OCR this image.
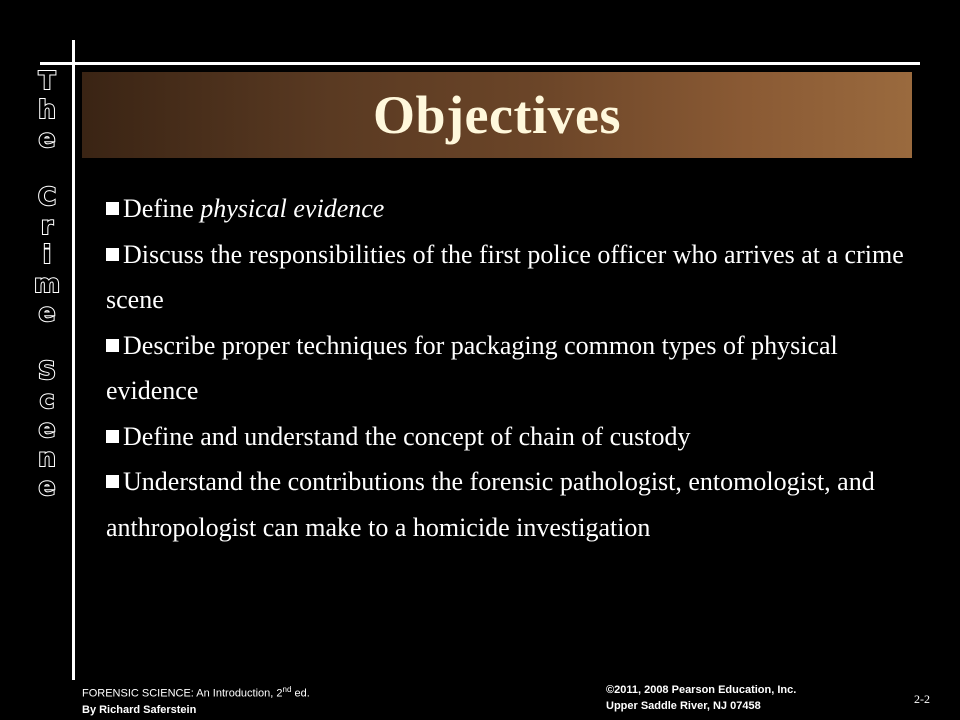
T
h
e
C
r
i
m
e
S
c
e
n
e
Objectives
Define physical evidence
Discuss the responsibilities of the first police officer who arrives at a crime scene
Describe proper techniques for packaging common types of physical evidence
Define and understand the concept of chain of custody
Understand the contributions the forensic pathologist, entomologist, and anthropologist can make to a homicide investigation
FORENSIC SCIENCE: An Introduction, 2nd ed.
By Richard Saferstein
©2011, 2008 Pearson Education, Inc.
Upper Saddle River, NJ 07458	2-2
